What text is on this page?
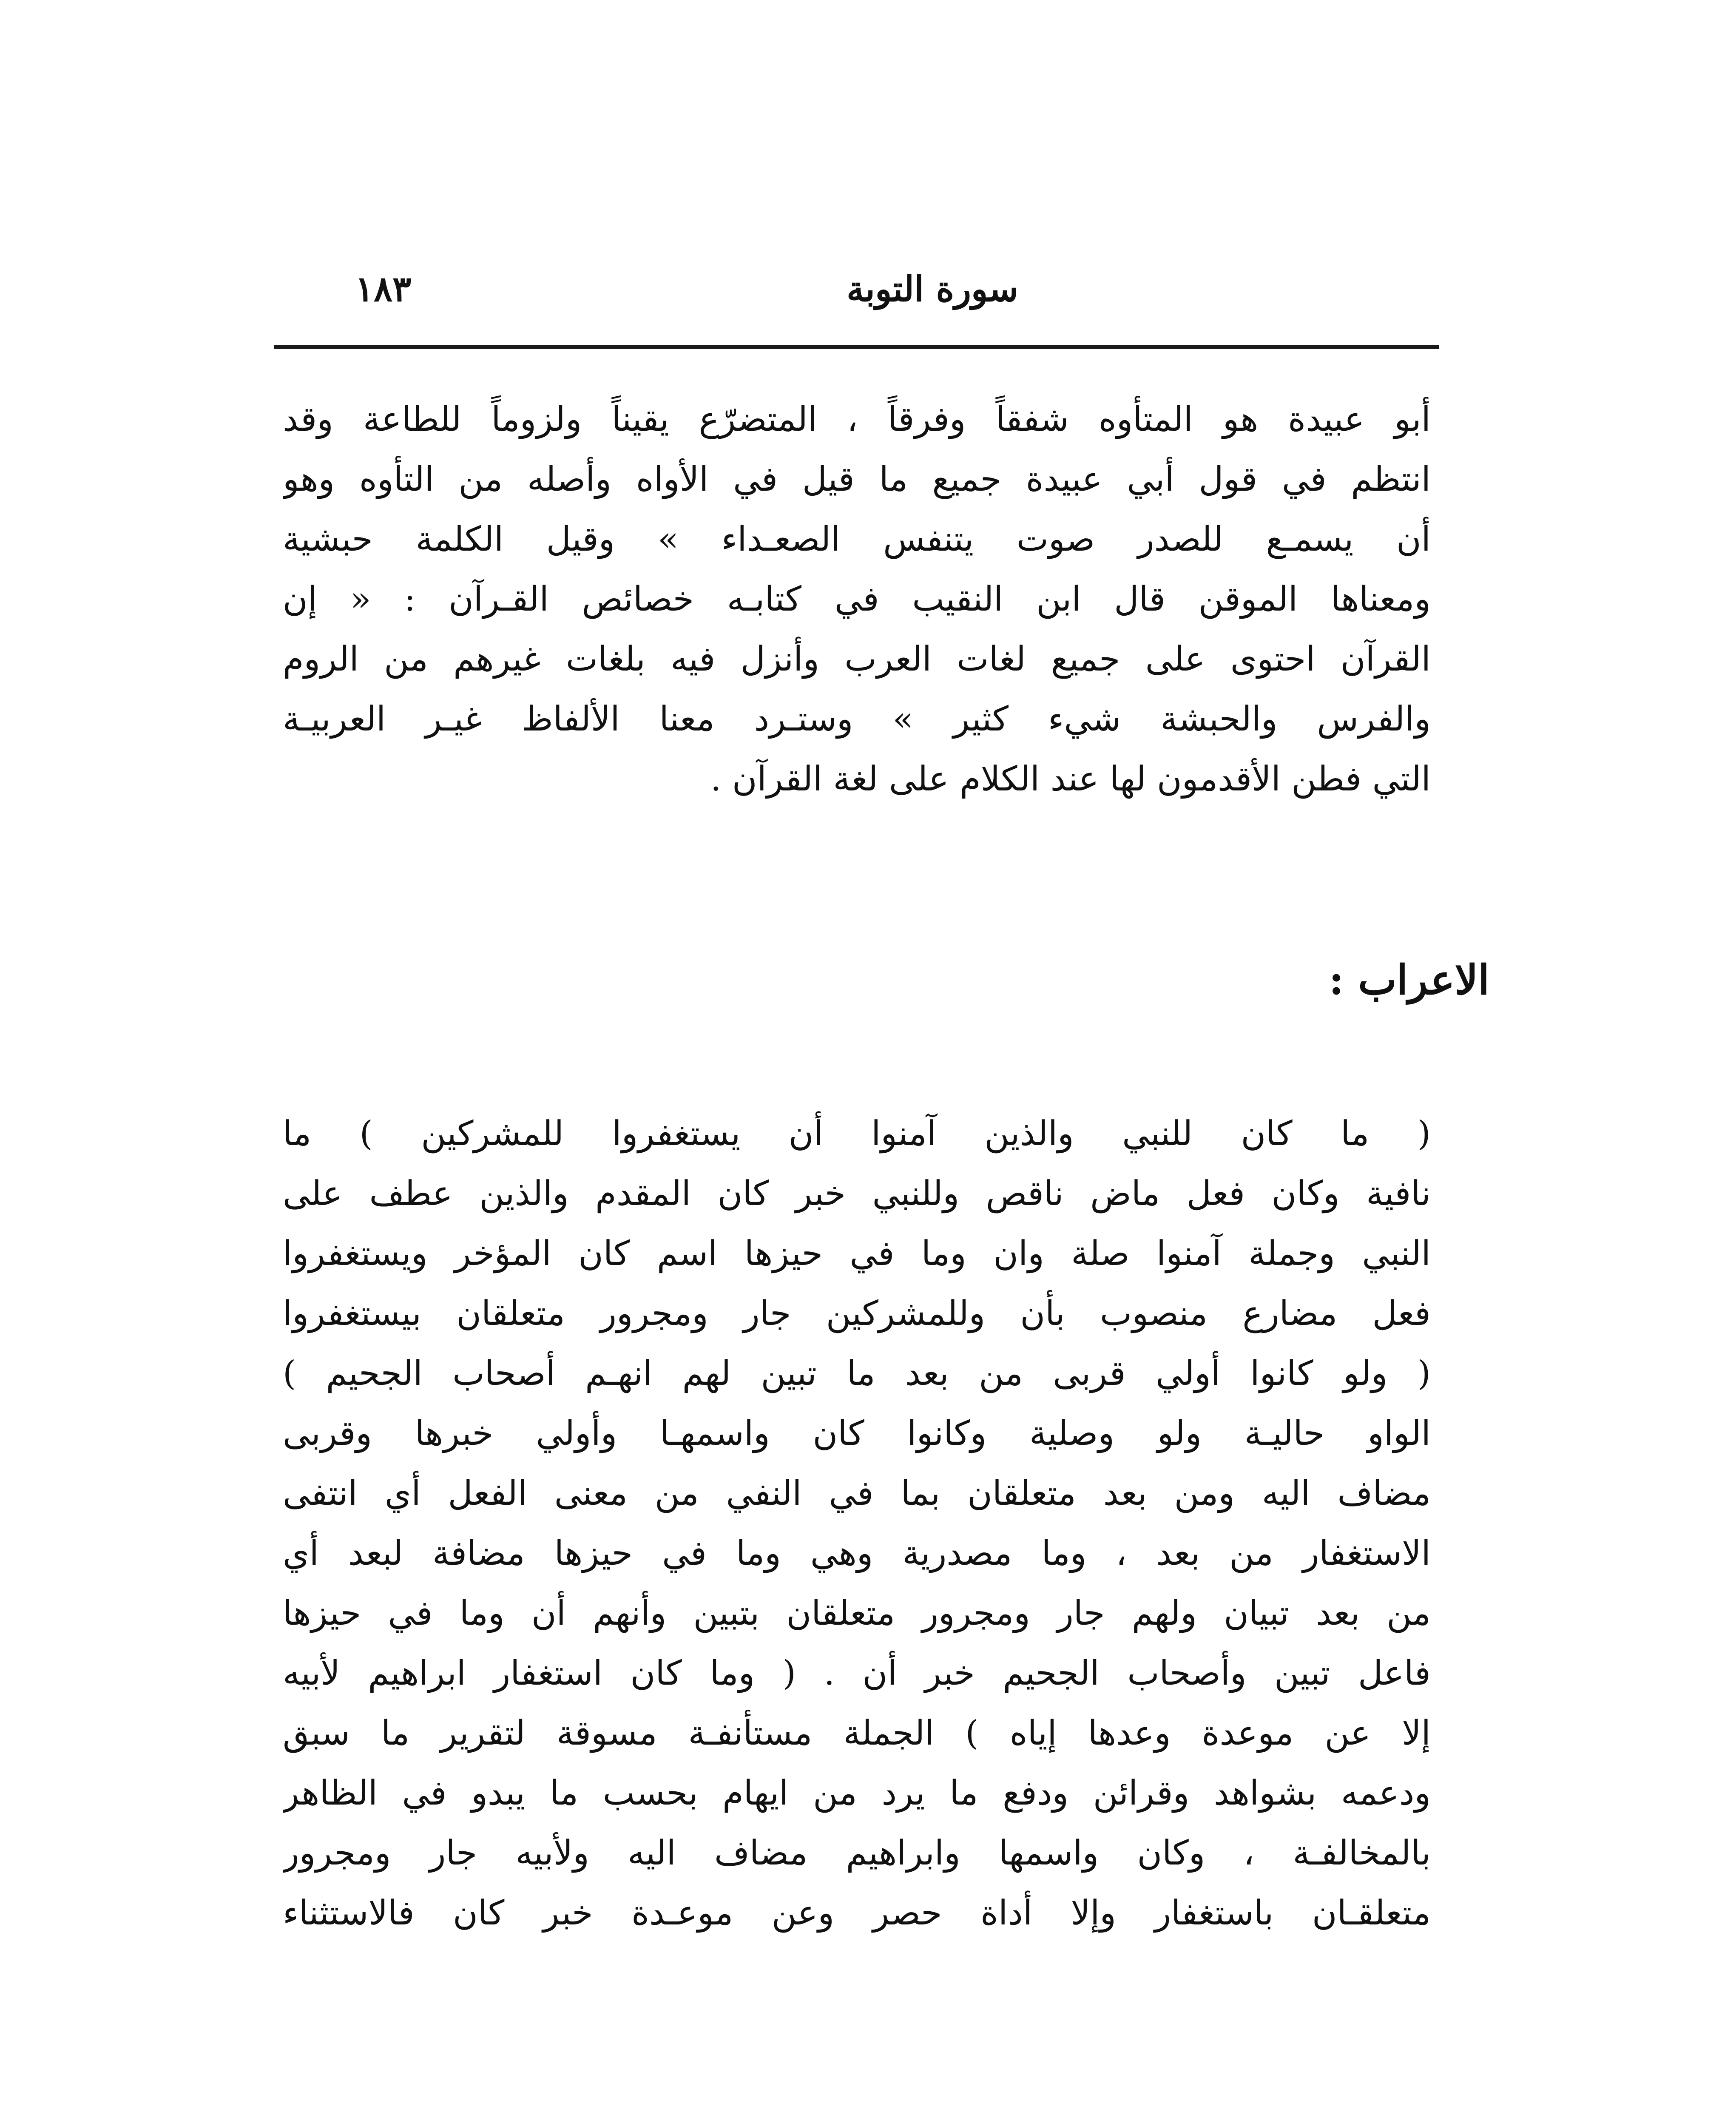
سورة التوبة
١٨٣
أبو عبيدة هو المتأوه شفقاً وفرقاً ، المتضرّع يقيناً ولزوماً للطاعة وقد
انتظم في قول أبي عبيدة جميع ما قيل في الأواه وأصله من التأوه وهو
أن يسمـع للصدر صوت يتنفس الصعـداء » وقيل الكلمة حبشية
ومعناها الموقن قال ابن النقيب في كتابـه خصائص القـرآن : « إن
القرآن احتوى على جميع لغات العرب وأنزل فيه بلغات غيرهم من الروم
والفرس والحبشة شيء كثير » وستـرد معنا الألفاظ غيـر العربيـة
التي فطن الأقدمون لها عند الكلام على لغة القرآن .
الاعراب :
( ما كان للنبي والذين آمنوا أن يستغفروا للمشركين ) ما
نافية وكان فعل ماض ناقص وللنبي خبر كان المقدم والذين عطف على
النبي وجملة آمنوا صلة وان وما في حيزها اسم كان المؤخر ويستغفروا
فعل مضارع منصوب بأن وللمشركين جار ومجرور متعلقان بيستغفروا
( ولو كانوا أولي قربى من بعد ما تبين لهم انهـم أصحاب الجحيم )
الواو حاليـة ولو وصلية وكانوا كان واسمهـا وأولي خبرها وقربى
مضاف اليه ومن بعد متعلقان بما في النفي من معنى الفعل أي انتفى
الاستغفار من بعد ، وما مصدرية وهي وما في حيزها مضافة لبعد أي
من بعد تبيان ولهم جار ومجرور متعلقان بتبين وأنهم أن وما في حيزها
فاعل تبين وأصحاب الجحيم خبر أن . ( وما كان استغفار ابراهيم لأبيه
إلا عن موعدة وعدها إياه ) الجملة مستأنفـة مسوقة لتقرير ما سبق
ودعمه بشواهد وقرائن ودفع ما يرد من ايهام بحسب ما يبدو في الظاهر
بالمخالفـة ، وكان واسمها وابراهيم مضاف اليه ولأبيه جار ومجرور
متعلقـان باستغفار وإلا أداة حصر وعن موعـدة خبر كان فالاستثناء
